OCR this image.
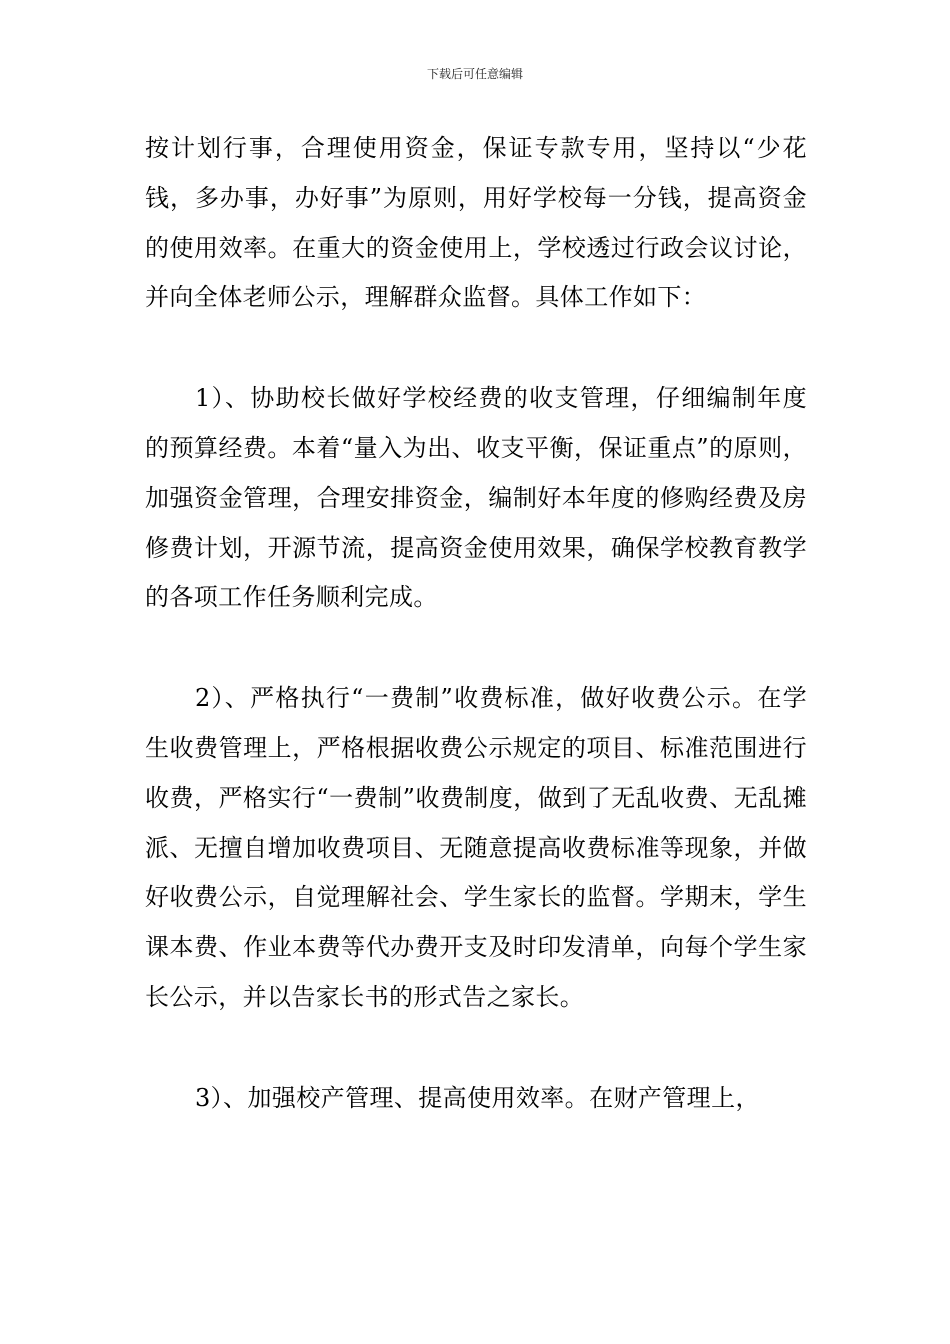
下载后可任意编辑

按计划行事，合理使用资金，保证专款专用，坚持以“少花钱，多办事，办好事”为原则，用好学校每一分钱，提高资金的使用效率。在重大的资金使用上，学校透过行政会议讨论，并向全体老师公示，理解群众监督。具体工作如下：

1）、协助校长做好学校经费的收支管理，仔细编制年度的预算经费。本着“量入为出、收支平衡，保证重点”的原则，加强资金管理，合理安排资金，编制好本年度的修购经费及房修费计划，开源节流，提高资金使用效果，确保学校教育教学的各项工作任务顺利完成。

2）、严格执行“一费制”收费标准，做好收费公示。在学生收费管理上，严格根据收费公示规定的项目、标准范围进行收费，严格实行“一费制”收费制度，做到了无乱收费、无乱摊派、无擅自增加收费项目、无随意提高收费标准等现象，并做好收费公示，自觉理解社会、学生家长的监督。学期末，学生课本费、作业本费等代办费开支及时印发清单，向每个学生家长公示，并以告家长书的形式告之家长。

3）、加强校产管理、提高使用效率。在财产管理上，
